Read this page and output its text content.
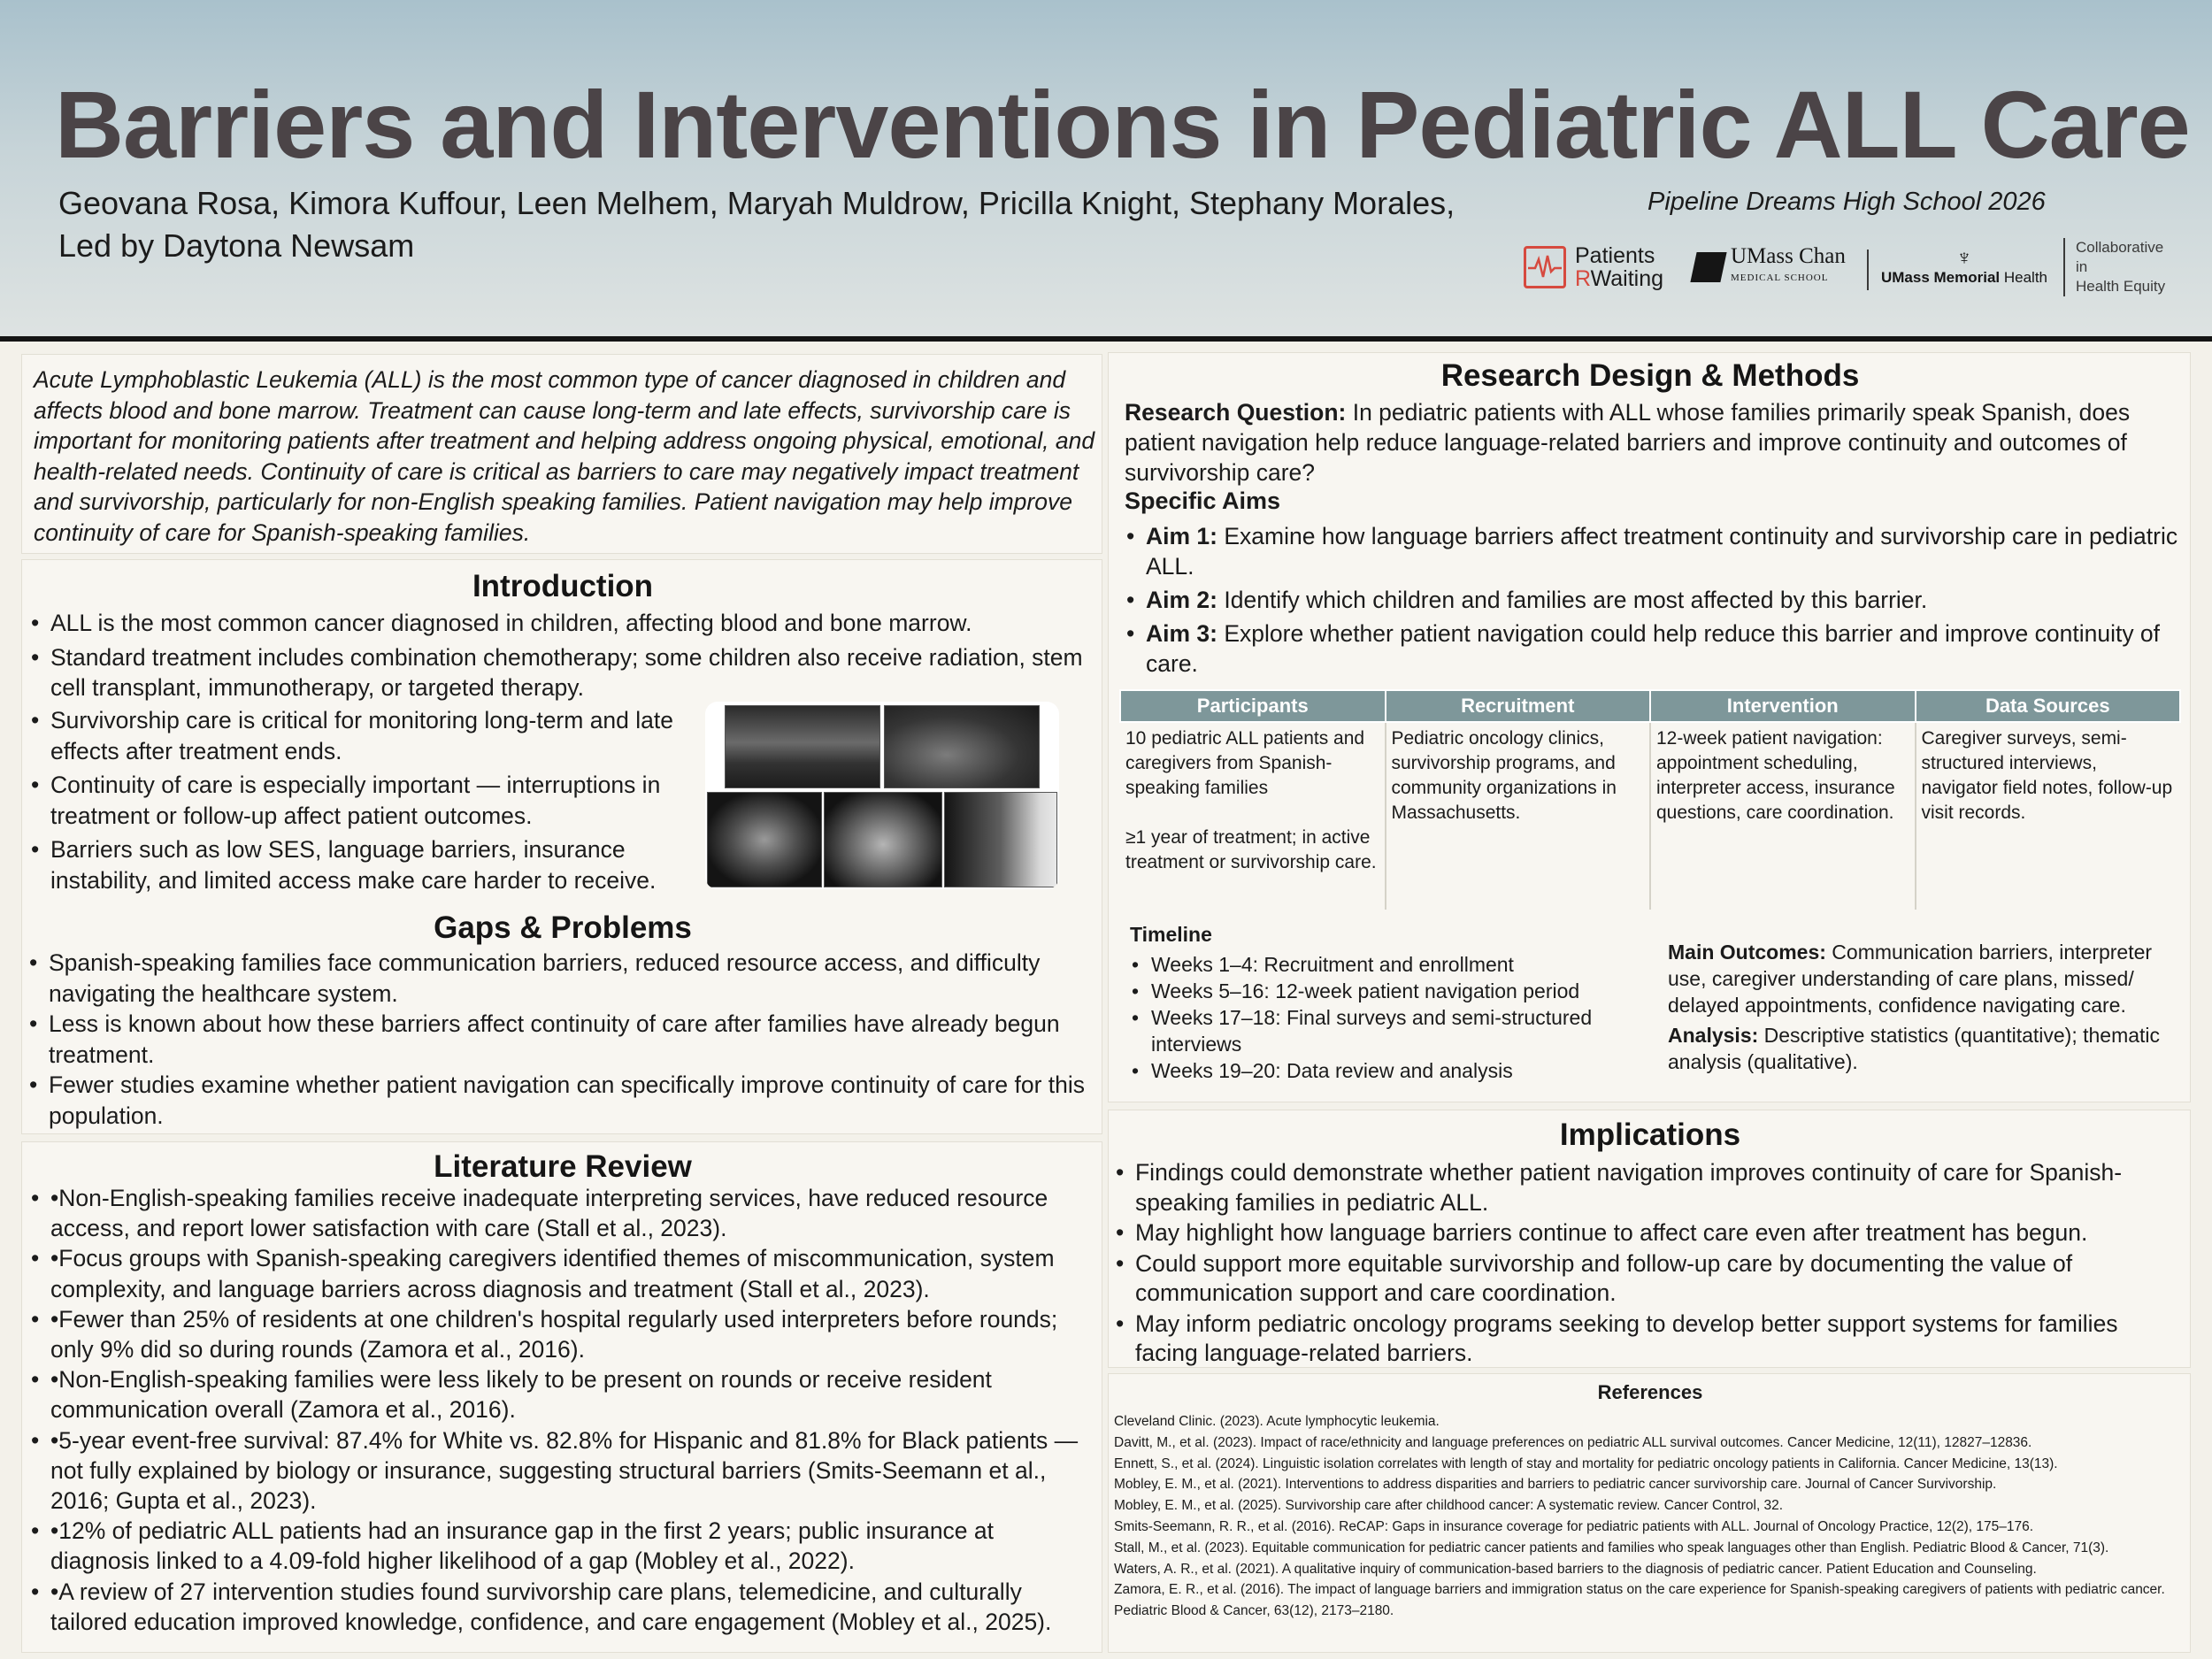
Barriers and Interventions in Pediatric ALL Care
Geovana Rosa, Kimora Kuffour, Leen Melhem, Maryah Muldrow, Pricilla Knight, Stephany Morales, Led by Daytona Newsam
Pipeline Dreams High School 2026
Patients
RWaiting
UMass Chan
MEDICAL SCHOOL
♆
UMass Memorial Health
Collaborative in
Health Equity

Acute Lymphoblastic Leukemia (ALL) is the most common type of cancer diagnosed in children and affects blood and bone marrow. Treatment can cause long-term and late effects, survivorship care is important for monitoring patients after treatment and helping address ongoing physical, emotional, and health-related needs. Continuity of care is critical as barriers to care may negatively impact treatment and survivorship, particularly for non-English speaking families. Patient navigation may help improve continuity of care for Spanish-speaking families.

Introduction
• ALL is the most common cancer diagnosed in children, affecting blood and bone marrow.
• Standard treatment includes combination chemotherapy; some children also receive radiation, stem cell transplant, immunotherapy, or targeted therapy.
• Survivorship care is critical for monitoring long-term and late effects after treatment ends.
• Continuity of care is especially important — interruptions in treatment or follow-up affect patient outcomes.
• Barriers such as low SES, language barriers, insurance instability, and limited access make care harder to receive.
Gaps & Problems
• Spanish-speaking families face communication barriers, reduced resource access, and difficulty navigating the healthcare system.
• Less is known about how these barriers affect continuity of care after families have already begun treatment.
• Fewer studies examine whether patient navigation can specifically improve continuity of care for this population.
Literature Review
• •Non-English-speaking families receive inadequate interpreting services, have reduced resource access, and report lower satisfaction with care (Stall et al., 2023).
• •Focus groups with Spanish-speaking caregivers identified themes of miscommunication, system complexity, and language barriers across diagnosis and treatment (Stall et al., 2023).
• •Fewer than 25% of residents at one children's hospital regularly used interpreters before rounds; only 9% did so during rounds (Zamora et al., 2016).
• •Non-English-speaking families were less likely to be present on rounds or receive resident communication overall (Zamora et al., 2016).
• •5-year event-free survival: 87.4% for White vs. 82.8% for Hispanic and 81.8% for Black patients — not fully explained by biology or insurance, suggesting structural barriers (Smits-Seemann et al., 2016; Gupta et al., 2023).
• •12% of pediatric ALL patients had an insurance gap in the first 2 years; public insurance at diagnosis linked to a 4.09-fold higher likelihood of a gap (Mobley et al., 2022).
• •A review of 27 intervention studies found survivorship care plans, telemedicine, and culturally tailored education improved knowledge, confidence, and care engagement (Mobley et al., 2025).
Research Design & Methods

Research Question: In pediatric patients with ALL whose families primarily speak Spanish, does patient navigation help reduce language-related barriers and improve continuity and outcomes of survivorship care?

Specific Aims
• Aim 1: Examine how language barriers affect treatment continuity and survivorship care in pediatric ALL.
• Aim 2: Identify which children and families are most affected by this barrier.
• Aim 3: Explore whether patient navigation could help reduce this barrier and improve continuity of care.
Participants	Recruitment	Intervention	Data Sources
10 pediatric ALL patients and caregivers from Spanish-speaking families
≥1 year of treatment; in active treatment or survivorship care.	Pediatric oncology clinics, survivorship programs, and community organizations in Massachusetts.	12-week patient navigation: appointment scheduling, interpreter access, insurance questions, care coordination.	Caregiver surveys, semi-structured interviews, navigator field notes, follow-up visit records.
Timeline
• Weeks 1–4: Recruitment and enrollment
• Weeks 5–16: 12-week patient navigation period
• Weeks 17–18: Final surveys and semi-structured interviews
• Weeks 19–20: Data review and analysis

Main Outcomes: Communication barriers, interpreter use, caregiver understanding of care plans, missed/ delayed appointments, confidence navigating care.

Analysis: Descriptive statistics (quantitative); thematic analysis (qualitative).

Implications
• Findings could demonstrate whether patient navigation improves continuity of care for Spanish-speaking families in pediatric ALL.
• May highlight how language barriers continue to affect care even after treatment has begun.
• Could support more equitable survivorship and follow-up care by documenting the value of communication support and care coordination.
• May inform pediatric oncology programs seeking to develop better support systems for families facing language-related barriers.
References
Cleveland Clinic. (2023). Acute lymphocytic leukemia.
Davitt, M., et al. (2023). Impact of race/ethnicity and language preferences on pediatric ALL survival outcomes. Cancer Medicine, 12(11), 12827–12836.
Ennett, S., et al. (2024). Linguistic isolation correlates with length of stay and mortality for pediatric oncology patients in California. Cancer Medicine, 13(13).
Mobley, E. M., et al. (2021). Interventions to address disparities and barriers to pediatric cancer survivorship care. Journal of Cancer Survivorship.
Mobley, E. M., et al. (2025). Survivorship care after childhood cancer: A systematic review. Cancer Control, 32.
Smits-Seemann, R. R., et al. (2016). ReCAP: Gaps in insurance coverage for pediatric patients with ALL. Journal of Oncology Practice, 12(2), 175–176.
Stall, M., et al. (2023). Equitable communication for pediatric cancer patients and families who speak languages other than English. Pediatric Blood & Cancer, 71(3).
Waters, A. R., et al. (2021). A qualitative inquiry of communication-based barriers to the diagnosis of pediatric cancer. Patient Education and Counseling.
Zamora, E. R., et al. (2016). The impact of language barriers and immigration status on the care experience for Spanish-speaking caregivers of patients with pediatric cancer. Pediatric Blood & Cancer, 63(12), 2173–2180.
